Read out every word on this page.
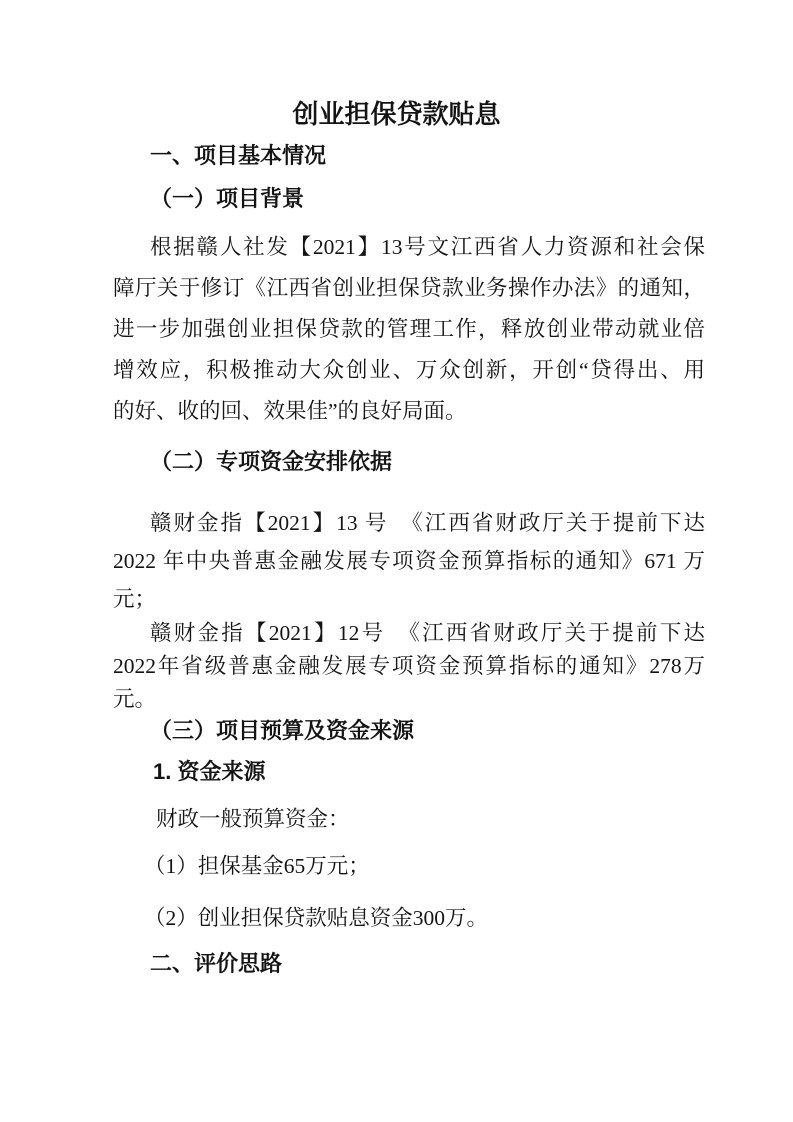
创业担保贷款贴息
一、项目基本情况
（一）项目背景
根据赣人社发【2021】13号文江西省人力资源和社会保
障厅关于修订《江西省创业担保贷款业务操作办法》的通知，
进一步加强创业担保贷款的管理工作，释放创业带动就业倍
增效应，积极推动大众创业、万众创新，开创“贷得出、用
的好、收的回、效果佳”的良好局面。
（二）专项资金安排依据
赣财金指【2021】13 号　《江西省财政厅关于提前下达
2022 年中央普惠金融发展专项资金预算指标的通知》671 万
元；
赣财金指【2021】12号　《江西省财政厅关于提前下达
2022年省级普惠金融发展专项资金预算指标的通知》278万
元。
（三）项目预算及资金来源
1. 资金来源
财政一般预算资金：
（1）担保基金65万元；
（2）创业担保贷款贴息资金300万。
二、评价思路
